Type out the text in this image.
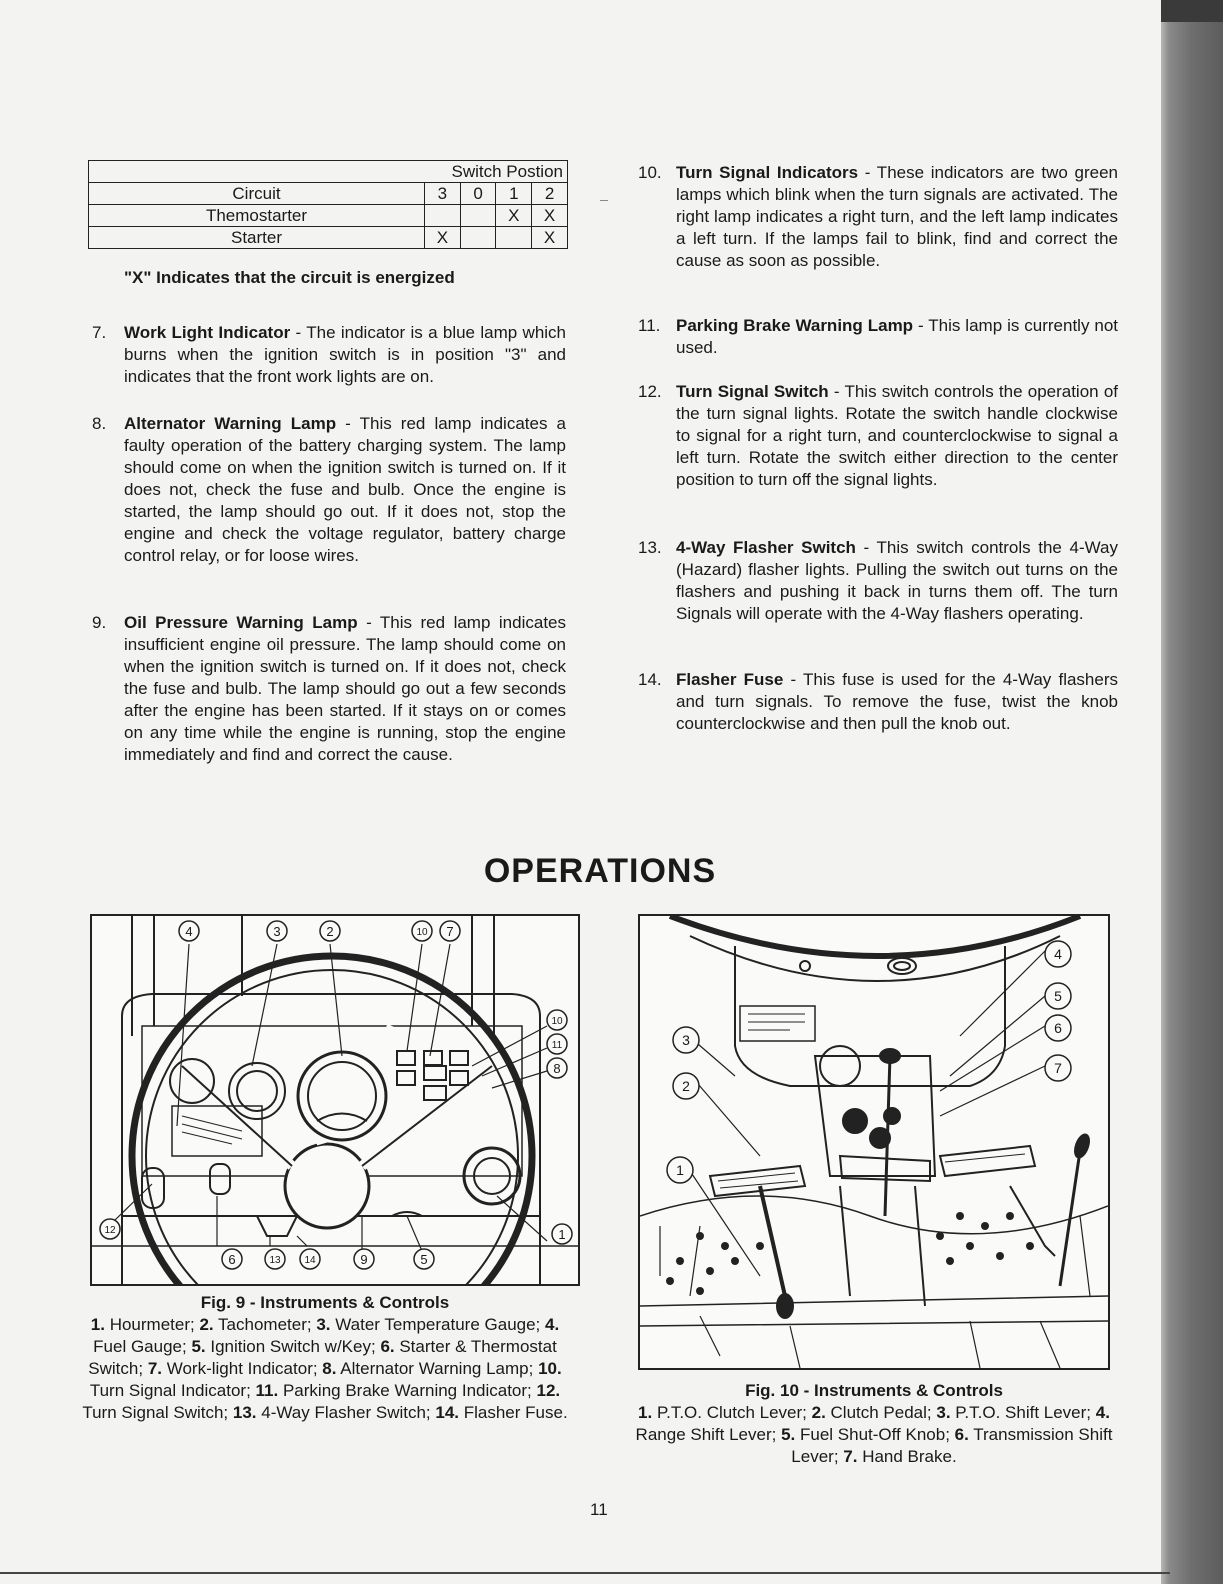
Switch Postion				
Circuit	3	0	1	2
Themostarter			X	X
Starter	X			X
"X" Indicates that the circuit is energized
7. Work Light Indicator - The indicator is a blue lamp which burns when the ignition switch is in position "3" and indicates that the front work lights are on.
8. Alternator Warning Lamp - This red lamp indicates a faulty operation of the battery charging system. The lamp should come on when the ignition switch is turned on. If it does not, check the fuse and bulb. Once the engine is started, the lamp should go out. If it does not, stop the engine and check the voltage regulator, battery charge control relay, or for loose wires.
9. Oil Pressure Warning Lamp - This red lamp indicates insufficient engine oil pressure. The lamp should come on when the ignition switch is turned on. If it does not, check the fuse and bulb. The lamp should go out a few seconds after the engine has been started. If it stays on or comes on any time while the engine is running, stop the engine immediately and find and correct the cause.
10. Turn Signal Indicators - These indicators are two green lamps which blink when the turn signals are activated. The right lamp indicates a right turn, and the left lamp indicates a left turn. If the lamps fail to blink, find and correct the cause as soon as possible.
11. Parking Brake Warning Lamp - This lamp is currently not used.
12. Turn Signal Switch - This switch controls the operation of the turn signal lights. Rotate the switch handle clockwise to signal for a right turn, and counterclockwise to signal a left turn. Rotate the switch either direction to the center position to turn off the signal lights.
13. 4-Way Flasher Switch - This switch controls the 4-Way (Hazard) flasher lights. Pulling the switch out turns on the flashers and pushing it back in turns them off. The turn Signals will operate with the 4-Way flashers operating.
14. Flasher Fuse - This fuse is used for the 4-Way flashers and turn signals. To remove the fuse, twist the knob counterclockwise and then pull the knob out.
OPERATIONS
4	3	2	10 7
10
11
8
12
6	13 14	9	5
1
Fig. 9 - Instruments & Controls
1. Hourmeter; 2. Tachometer; 3. Water Temperature Gauge; 4. Fuel Gauge; 5. Ignition Switch w/Key; 6. Starter & Thermostat Switch; 7. Work-light Indicator; 8. Alternator Warning Lamp; 10. Turn Signal Indicator; 11. Parking Brake Warning Indicator; 12. Turn Signal Switch; 13. 4-Way Flasher Switch; 14. Flasher Fuse.
4
5
6
7
3
2
1
Fig. 10 - Instruments & Controls
1. P.T.O. Clutch Lever; 2. Clutch Pedal; 3. P.T.O. Shift Lever; 4. Range Shift Lever; 5. Fuel Shut-Off Knob; 6. Transmission Shift Lever; 7. Hand Brake.
11
